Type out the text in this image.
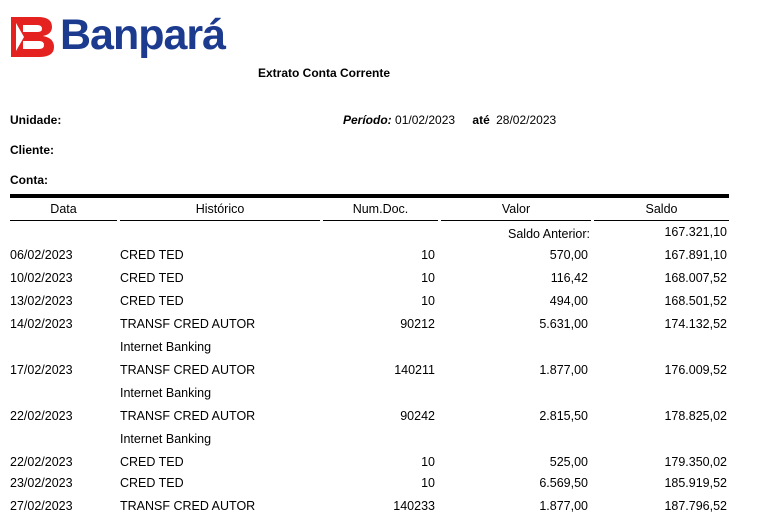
Banpará
Extrato Conta Corrente
Unidade:	Período: 01/02/2023 até 28/02/2023
Cliente:
Conta:
Data	Histórico	Num.Doc.	Valor	Saldo
Saldo Anterior:	167.321,10
06/02/2023	CRED TED	10	570,00	167.891,10
10/02/2023	CRED TED	10	116,42	168.007,52
13/02/2023	CRED TED	10	494,00	168.501,52
14/02/2023	TRANSF CRED AUTOR	90212	5.631,00	174.132,52
Internet Banking
17/02/2023	TRANSF CRED AUTOR	140211	1.877,00	176.009,52
Internet Banking
22/02/2023	TRANSF CRED AUTOR	90242	2.815,50	178.825,02
Internet Banking
22/02/2023	CRED TED	10	525,00	179.350,02
23/02/2023	CRED TED	10	6.569,50	185.919,52
27/02/2023	TRANSF CRED AUTOR	140233	1.877,00	187.796,52
